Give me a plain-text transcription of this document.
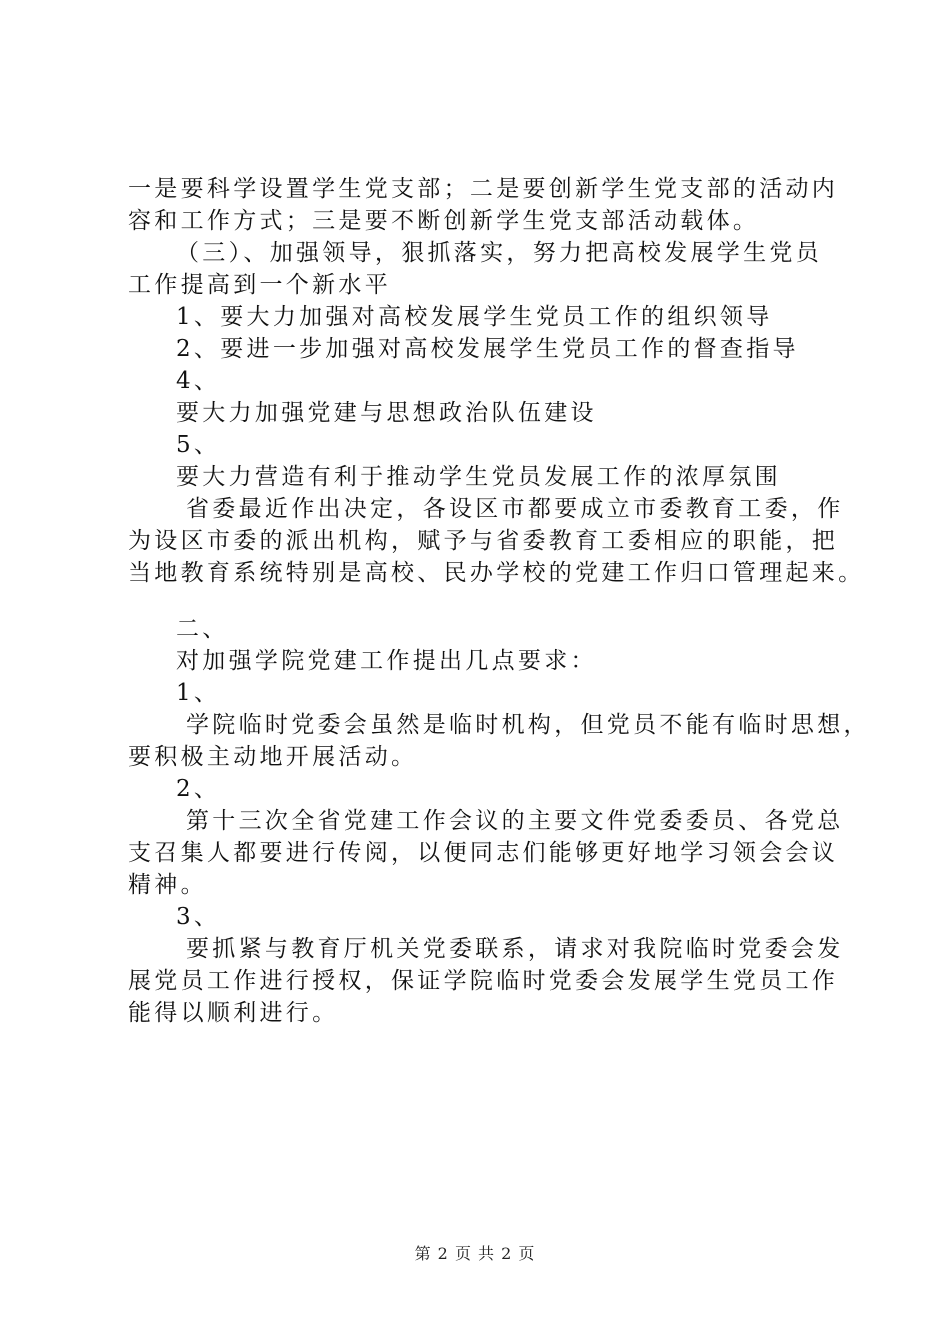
一是要科学设置学生党支部；二是要创新学生党支部的活动内
容和工作方式；三是要不断创新学生党支部活动载体。
（三）、加强领导，狠抓落实，努力把高校发展学生党员
工作提高到一个新水平
1、要大力加强对高校发展学生党员工作的组织领导
2、要进一步加强对高校发展学生党员工作的督查指导
4、
要大力加强党建与思想政治队伍建设
5、
要大力营造有利于推动学生党员发展工作的浓厚氛围
省委最近作出决定，各设区市都要成立市委教育工委，作
为设区市委的派出机构，赋予与省委教育工委相应的职能，把
当地教育系统特别是高校、民办学校的党建工作归口管理起来。
二、
对加强学院党建工作提出几点要求：
1、
学院临时党委会虽然是临时机构，但党员不能有临时思想，
要积极主动地开展活动。
2、
第十三次全省党建工作会议的主要文件党委委员、各党总
支召集人都要进行传阅，以便同志们能够更好地学习领会会议
精神。
3、
要抓紧与教育厅机关党委联系，请求对我院临时党委会发
展党员工作进行授权，保证学院临时党委会发展学生党员工作
能得以顺利进行。
第 2 页 共 2 页
